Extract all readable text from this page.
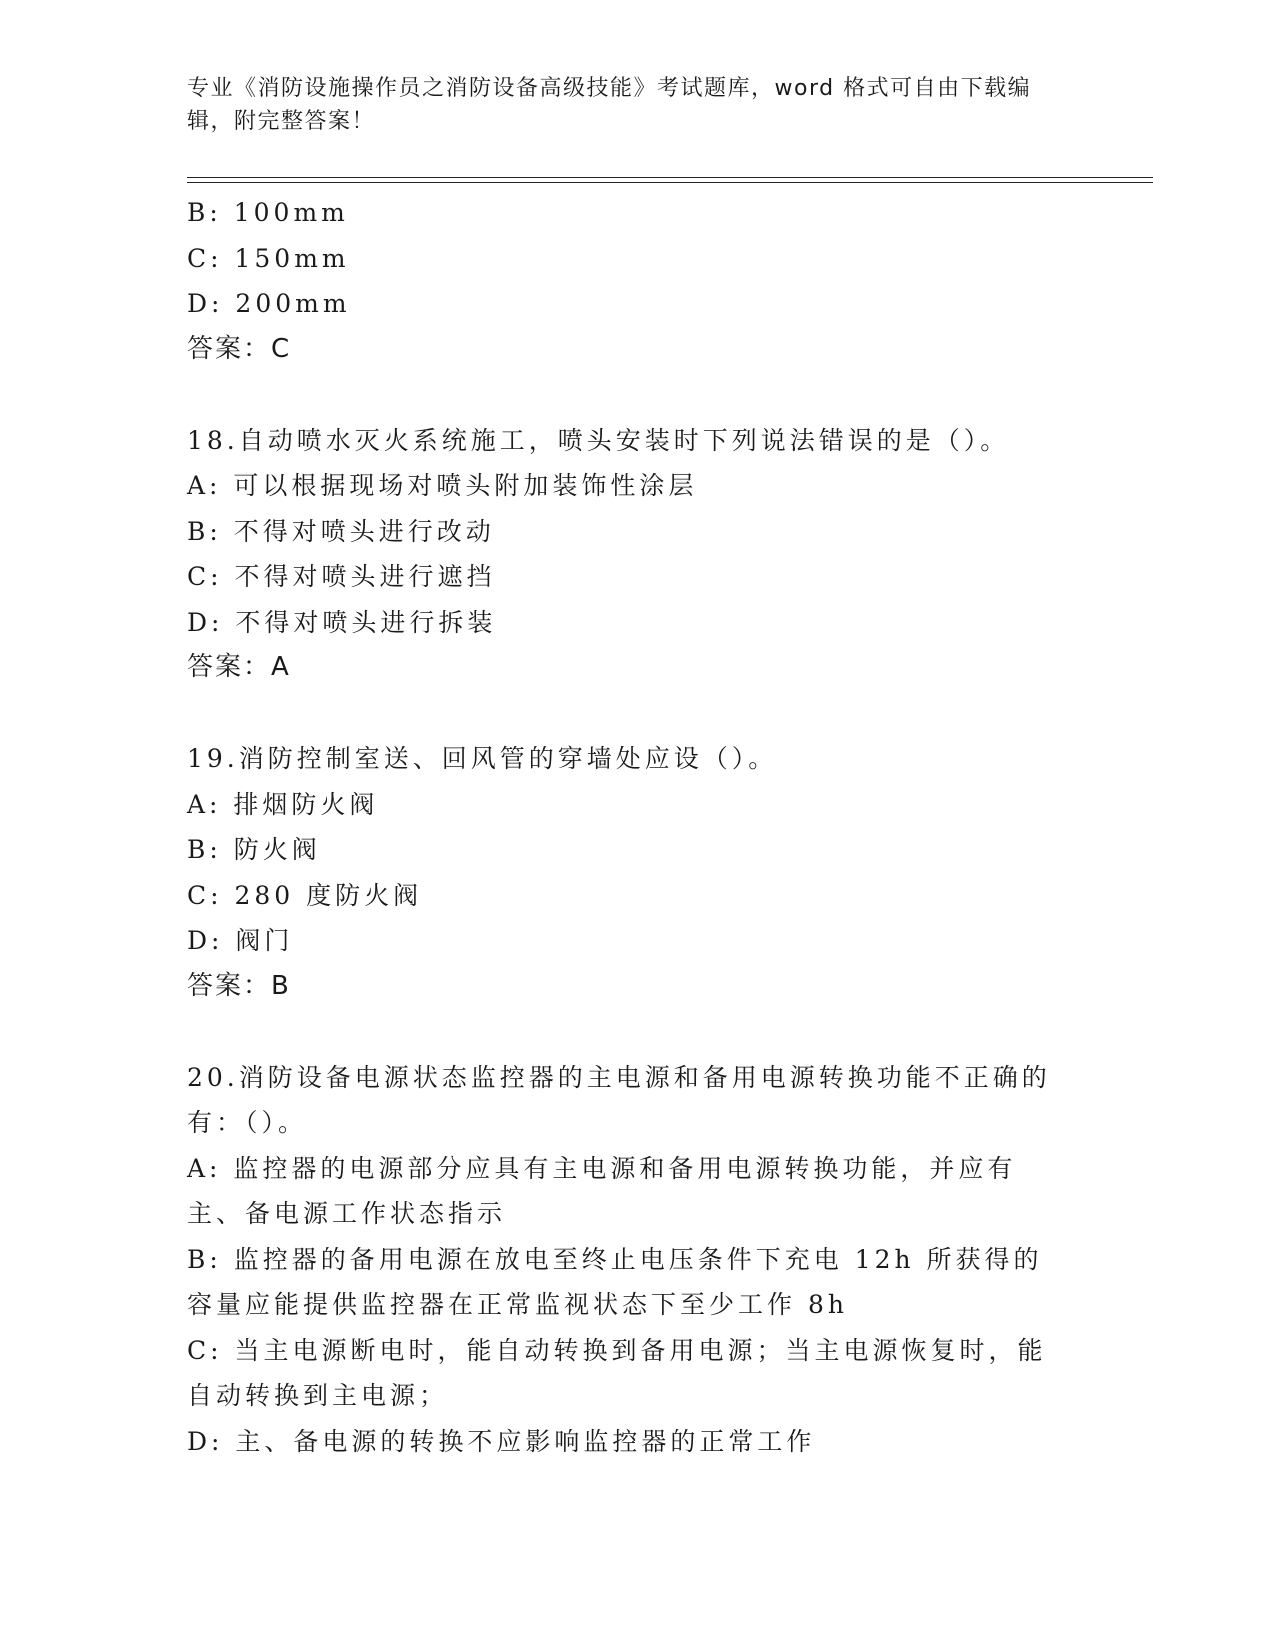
专业《消防设施操作员之消防设备高级技能》考试题库，word 格式可自由下载编辑，附完整答案！
B: 100mm
C: 150mm
D: 200mm
答案：C
18.自动喷水灭火系统施工，喷头安装时下列说法错误的是（）。
A: 可以根据现场对喷头附加装饰性涂层
B: 不得对喷头进行改动
C: 不得对喷头进行遮挡
D: 不得对喷头进行拆装
答案：A
19.消防控制室送、回风管的穿墙处应设（）。
A: 排烟防火阀
B: 防火阀
C: 280 度防火阀
D: 阀门
答案：B
20.消防设备电源状态监控器的主电源和备用电源转换功能不正确的有：（）。
A: 监控器的电源部分应具有主电源和备用电源转换功能，并应有主、备电源工作状态指示
B: 监控器的备用电源在放电至终止电压条件下充电 12h 所获得的容量应能提供监控器在正常监视状态下至少工作 8h
C: 当主电源断电时，能自动转换到备用电源；当主电源恢复时，能自动转换到主电源；
D: 主、备电源的转换不应影响监控器的正常工作
